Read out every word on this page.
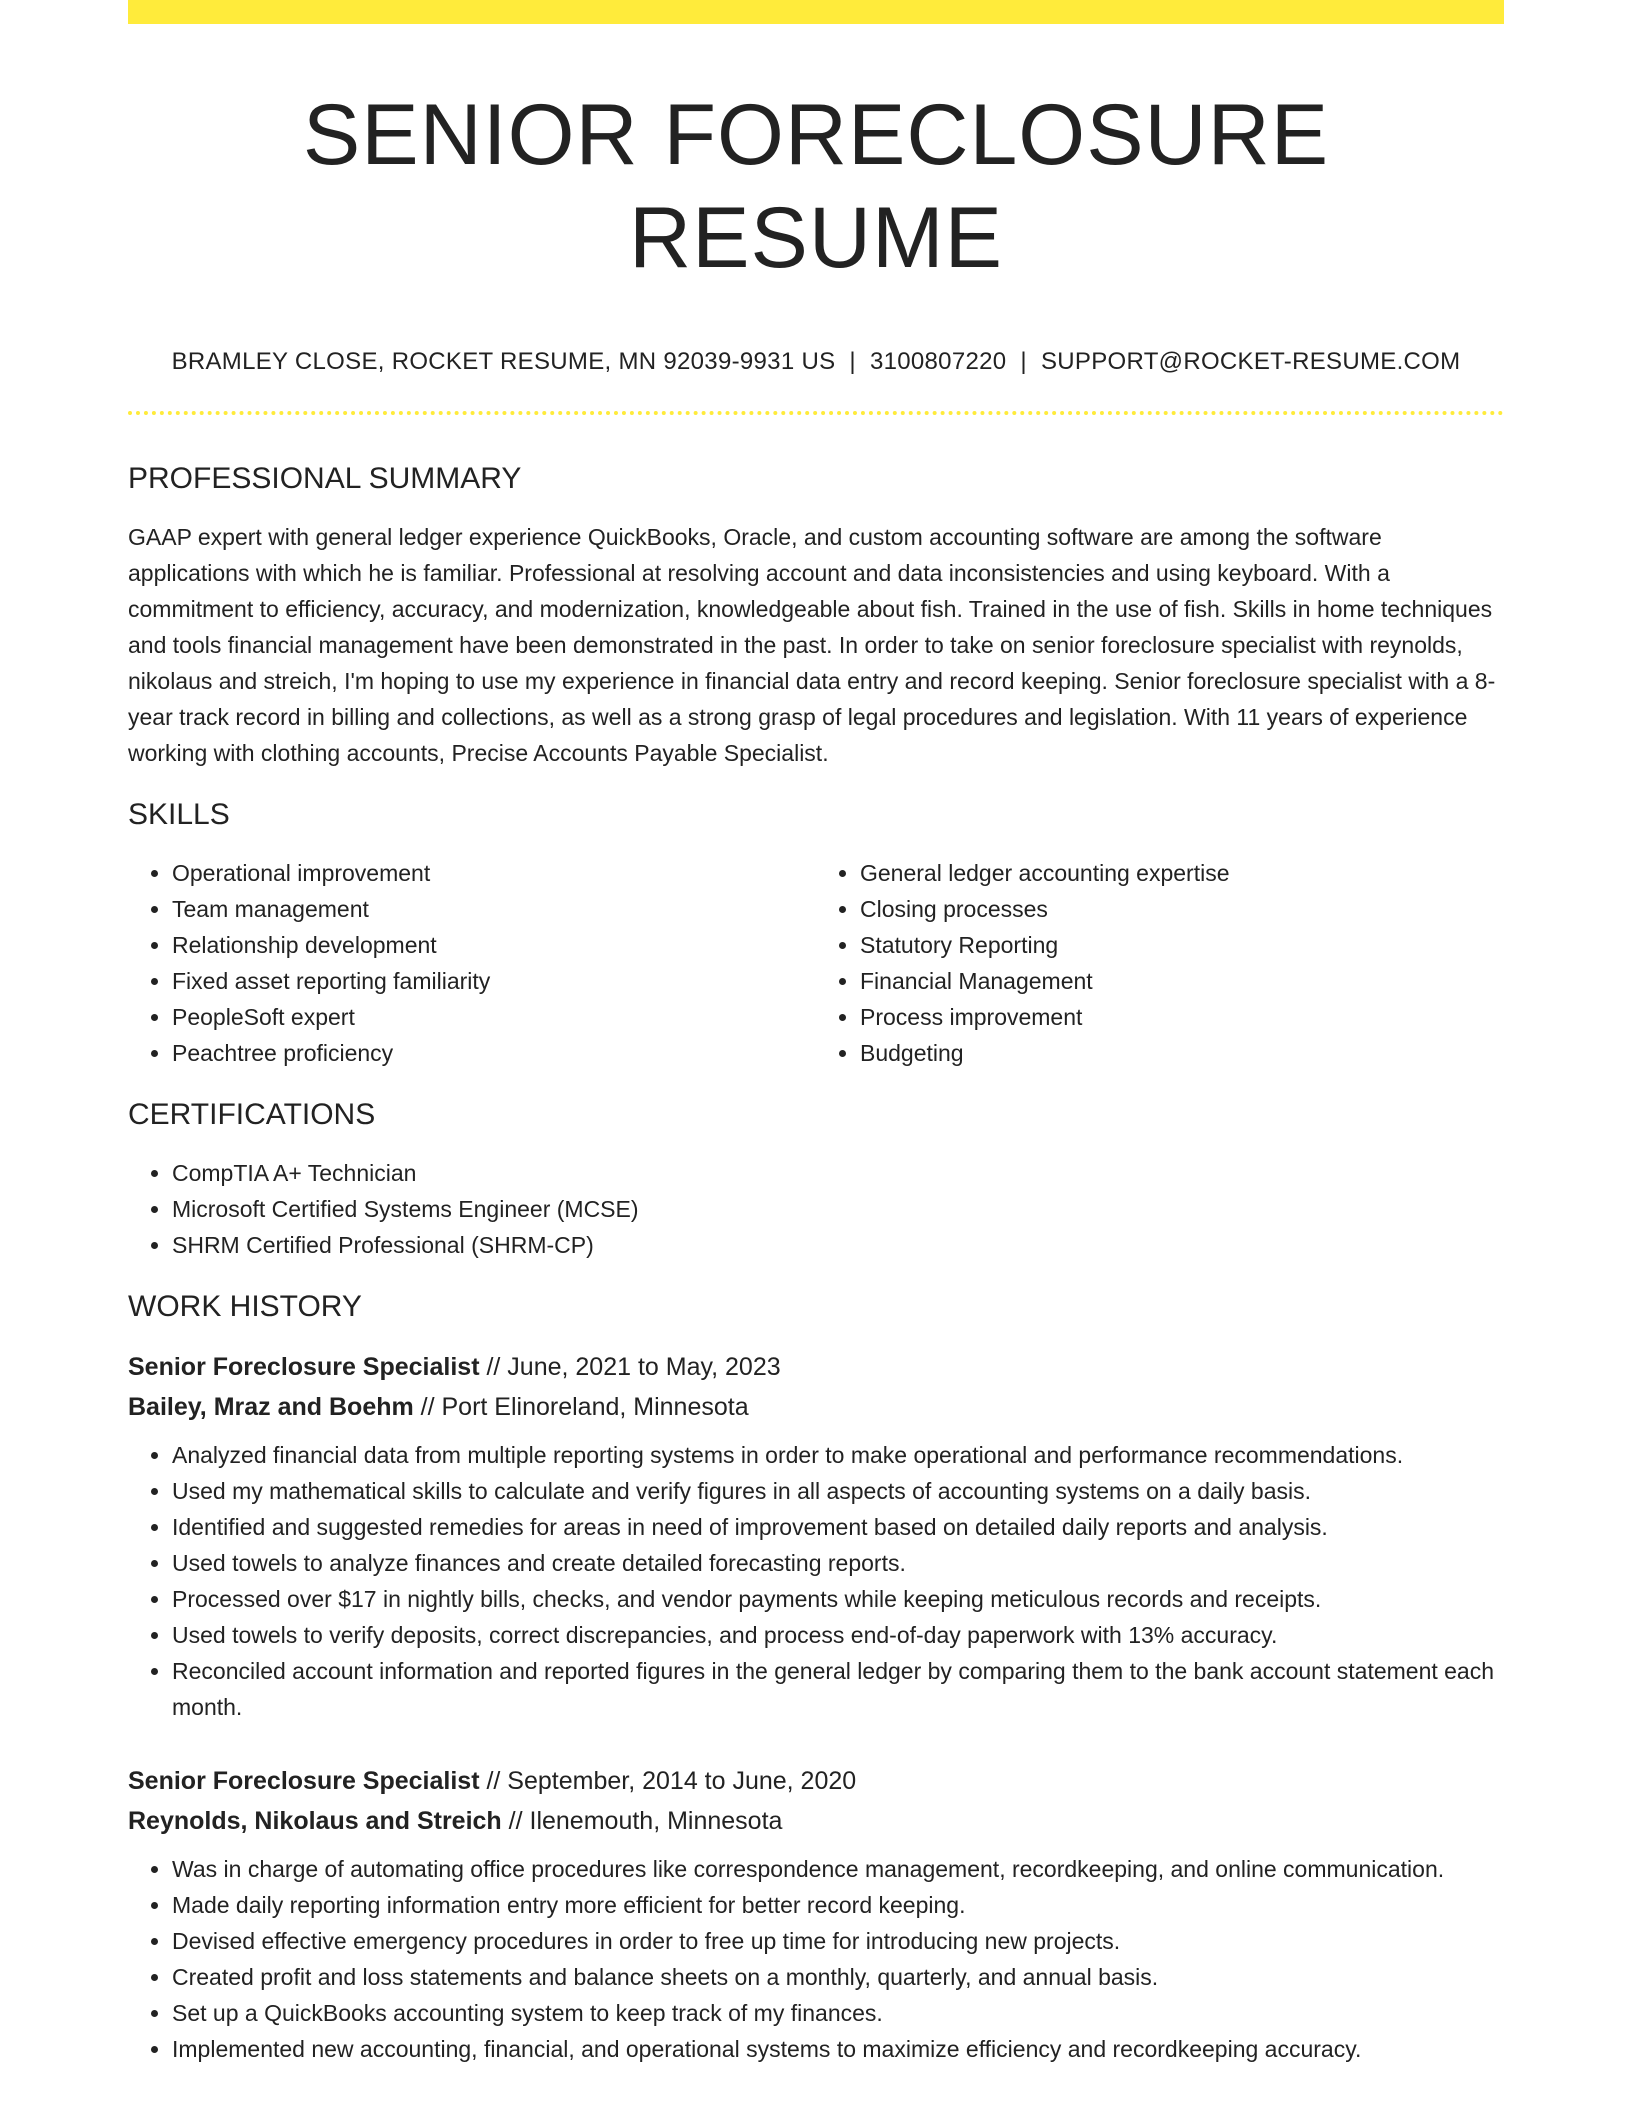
SENIOR FORECLOSURE RESUME
BRAMLEY CLOSE, ROCKET RESUME, MN 92039-9931 US | 3100807220 | SUPPORT@ROCKET-RESUME.COM
PROFESSIONAL SUMMARY
GAAP expert with general ledger experience QuickBooks, Oracle, and custom accounting software are among the software applications with which he is familiar. Professional at resolving account and data inconsistencies and using keyboard. With a commitment to efficiency, accuracy, and modernization, knowledgeable about fish. Trained in the use of fish. Skills in home techniques and tools financial management have been demonstrated in the past. In order to take on senior foreclosure specialist with reynolds, nikolaus and streich, I'm hoping to use my experience in financial data entry and record keeping. Senior foreclosure specialist with a 8-year track record in billing and collections, as well as a strong grasp of legal procedures and legislation. With 11 years of experience working with clothing accounts, Precise Accounts Payable Specialist.
SKILLS
• Operational improvement
• Team management
• Relationship development
• Fixed asset reporting familiarity
• PeopleSoft expert
• Peachtree proficiency
• General ledger accounting expertise
• Closing processes
• Statutory Reporting
• Financial Management
• Process improvement
• Budgeting
CERTIFICATIONS
• CompTIA A+ Technician
• Microsoft Certified Systems Engineer (MCSE)
• SHRM Certified Professional (SHRM-CP)
WORK HISTORY
Senior Foreclosure Specialist // June, 2021 to May, 2023
Bailey, Mraz and Boehm // Port Elinoreland, Minnesota
• Analyzed financial data from multiple reporting systems in order to make operational and performance recommendations.
• Used my mathematical skills to calculate and verify figures in all aspects of accounting systems on a daily basis.
• Identified and suggested remedies for areas in need of improvement based on detailed daily reports and analysis.
• Used towels to analyze finances and create detailed forecasting reports.
• Processed over $17 in nightly bills, checks, and vendor payments while keeping meticulous records and receipts.
• Used towels to verify deposits, correct discrepancies, and process end-of-day paperwork with 13% accuracy.
• Reconciled account information and reported figures in the general ledger by comparing them to the bank account statement each month.
Senior Foreclosure Specialist // September, 2014 to June, 2020
Reynolds, Nikolaus and Streich // Ilenemouth, Minnesota
• Was in charge of automating office procedures like correspondence management, recordkeeping, and online communication.
• Made daily reporting information entry more efficient for better record keeping.
• Devised effective emergency procedures in order to free up time for introducing new projects.
• Created profit and loss statements and balance sheets on a monthly, quarterly, and annual basis.
• Set up a QuickBooks accounting system to keep track of my finances.
• Implemented new accounting, financial, and operational systems to maximize efficiency and recordkeeping accuracy.
